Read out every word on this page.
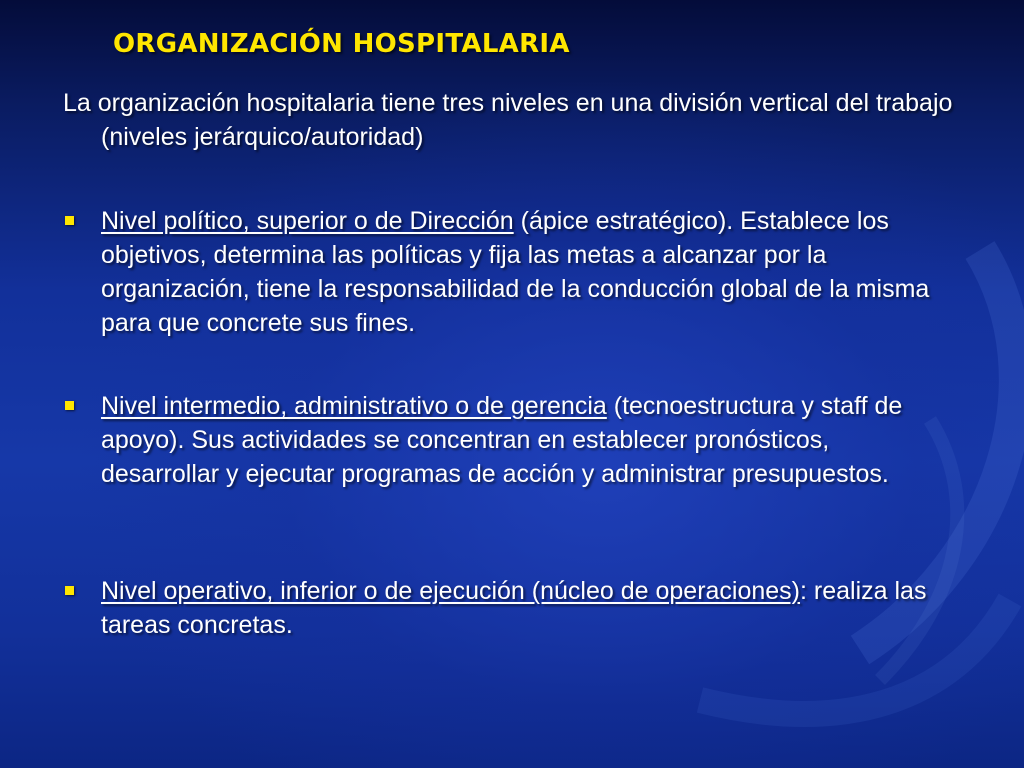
ORGANIZACIÓN HOSPITALARIA

La organización hospitalaria tiene tres niveles en una división vertical del trabajo (niveles jerárquico/autoridad)

Nivel político, superior o de Dirección (ápice estratégico). Establece los objetivos, determina las políticas y fija las metas a alcanzar por la organización, tiene la responsabilidad de la conducción global de la misma para que concrete sus fines.

Nivel intermedio, administrativo o de gerencia (tecnoestructura y staff de apoyo). Sus actividades se concentran en establecer pronósticos, desarrollar y ejecutar programas de acción y administrar presupuestos.

Nivel operativo, inferior o de ejecución (núcleo de operaciones): realiza las tareas concretas.
